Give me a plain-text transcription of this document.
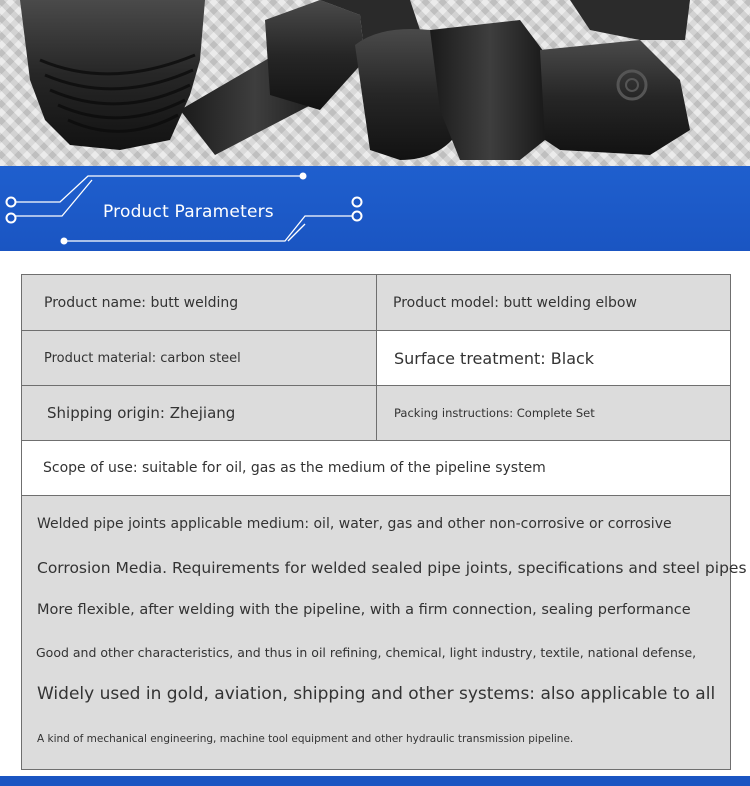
Product Parameters
Product name: butt welding	Product model: butt welding elbow
Product material: carbon steel	Surface treatment: Black
Shipping origin: Zhejiang	Packing instructions: Complete Set
Scope of use: suitable for oil, gas as the medium of the pipeline system
Welded pipe joints applicable medium: oil, water, gas and other non-corrosive or corrosive
Corrosion Media. Requirements for welded sealed pipe joints, specifications and steel pipes
More flexible, after welding with the pipeline, with a firm connection, sealing performance
Good and other characteristics, and thus in oil refining, chemical, light industry, textile, national defense,
Widely used in gold, aviation, shipping and other systems: also applicable to all
A kind of mechanical engineering, machine tool equipment and other hydraulic transmission pipeline.
